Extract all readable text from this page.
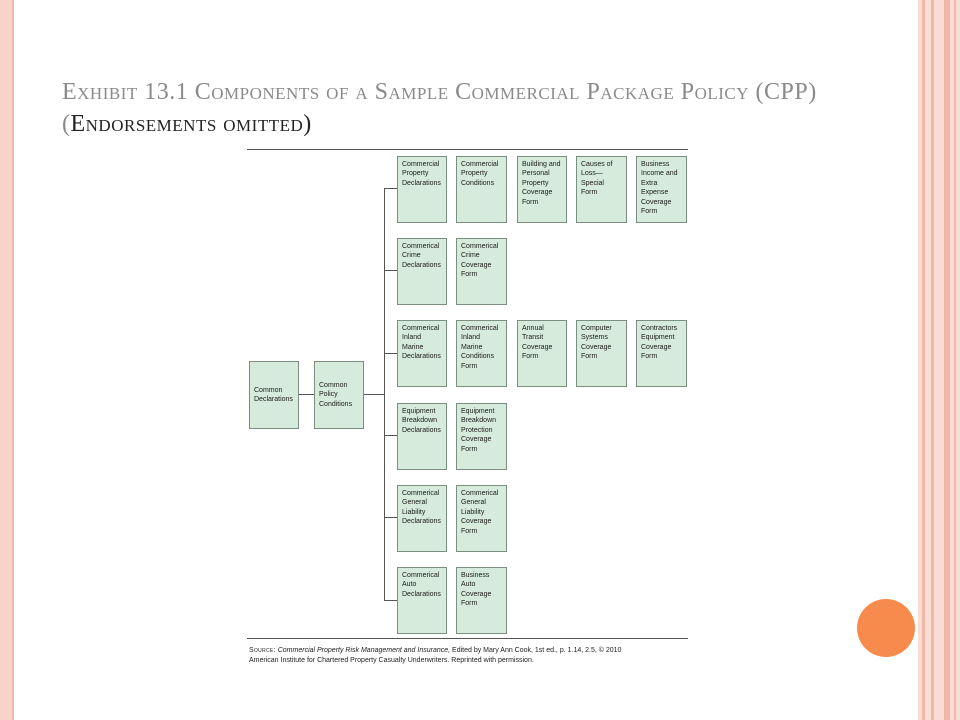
Exhibit 13.1 Components of a Sample Commercial Package Policy (CPP) (Endorsements omitted)
Common
Declarations
Common
Policy
Conditions
Commercial
Property
Declarations
Commercial
Property
Conditions
Building and
Personal
Property
Coverage
Form
Causes of
Loss—
Special
Form
Business
Income and
Extra
Expense
Coverage
Form
Commerical
Crime
Declarations
Commerical
Crime
Coverage
Form
Commerical
Inland
Marine
Declarations
Commerical
Inland
Marine
Conditions
Form
Annual
Transit
Coverage
Form
Computer
Systems
Coverage
Form
Contractors
Equipment
Coverage
Form
Equipment
Breakdown
Declarations
Equipment
Breakdown
Protection
Coverage
Form
Commerical
General
Liability
Declarations
Commerical
General
Liability
Coverage
Form
Commerical
Auto
Declarations
Business
Auto
Coverage
Form
Source: Commercial Property Risk Management and Insurance, Edited by Mary Ann Cook, 1st ed., p. 1.14, 2.5, © 2010
American Institute for Chartered Property Casualty Underwriters. Reprinted with permission.
